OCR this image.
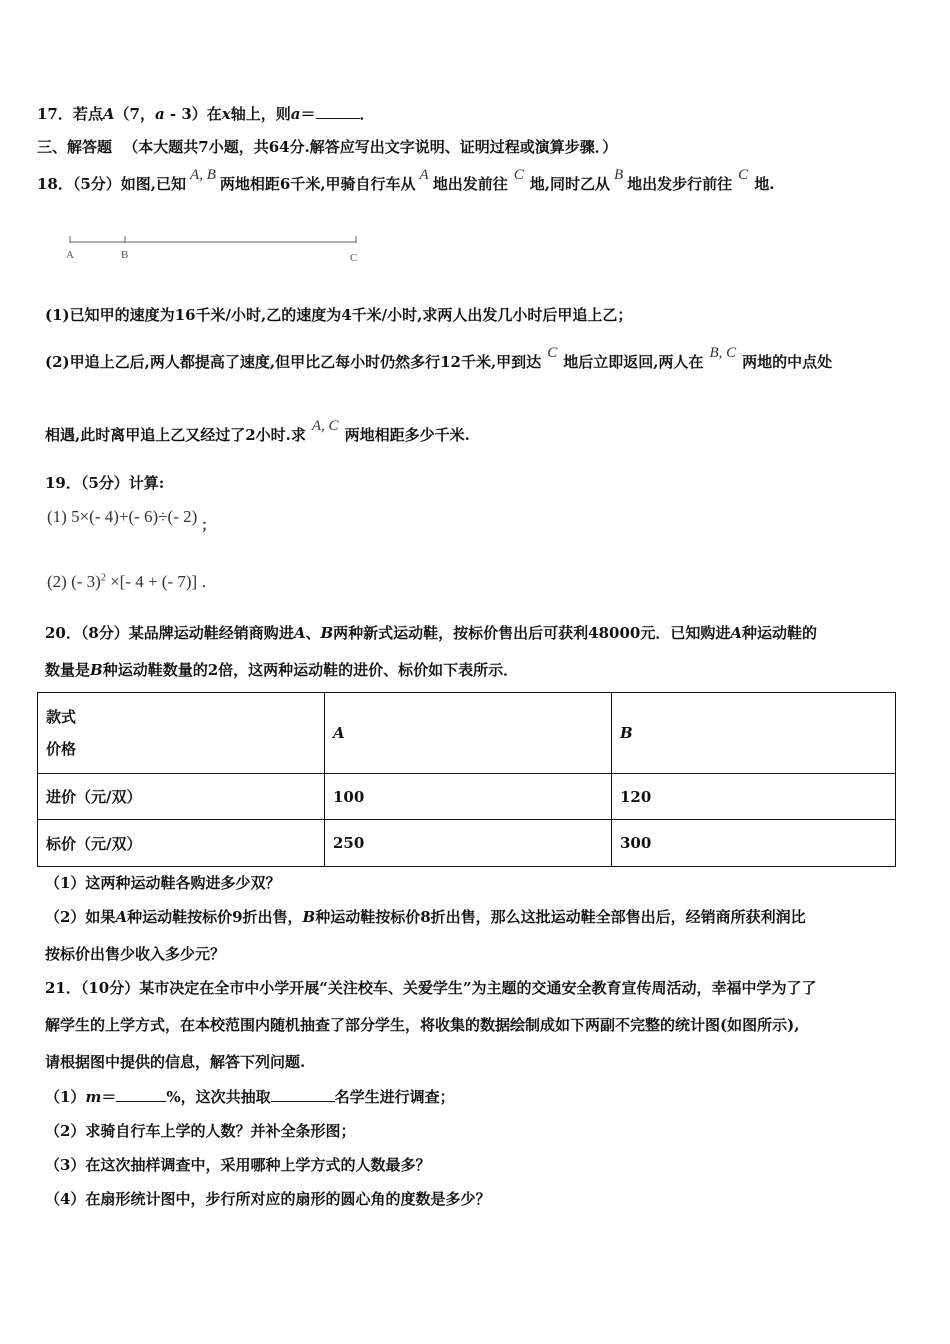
17．若点A（7，a - 3）在x轴上，则a＝	．
三、解答题 （本大题共7小题，共64分.解答应写出文字说明、证明过程或演算步骤．）
18．（5分）如图,已知 A, B 两地相距6千米,甲骑自行车从 A 地出发前往 C 地,同时乙从 B 地出发步行前往 C 地.
A	B	C
(1)已知甲的速度为16千米/小时,乙的速度为4千米/小时,求两人出发几小时后甲追上乙；
(2)甲追上乙后,两人都提高了速度,但甲比乙每小时仍然多行12千米,甲到达 C 地后立即返回,两人在 B, C 两地的中点处
相遇,此时离甲追上乙又经过了2小时.求 A, C 两地相距多少千米.
19．（5分）计算:
(1) 5×(- 4)+(- 6)÷(- $2)_;$
(2) (- 3)$^2$ ×[- 4 + (- 7)] ．
20．（8分）某品牌运动鞋经销商购进A、B两种新式运动鞋，按标价售出后可获利48000元．已知购进A种运动鞋的
数量是B种运动鞋数量的2倍，这两种运动鞋的进价、标价如下表所示．
款式
价格	A	B
进价（元/双）	100	120
标价（元/双）	250	300
（1）这两种运动鞋各购进多少双？
（2）如果A种运动鞋按标价9折出售，B种运动鞋按标价8折出售，那么这批运动鞋全部售出后，经销商所获利润比
按标价出售少收入多少元？
21．（10分）某市决定在全市中小学开展“关注校车、关爱学生”为主题的交通安全教育宣传周活动，幸福中学为了了
解学生的上学方式，在本校范围内随机抽查了部分学生，将收集的数据绘制成如下两副不完整的统计图(如图所示),
请根据图中提供的信息，解答下列问题.
（1）m＝	%，这次共抽取	名学生进行调查；
（2）求骑自行车上学的人数？并补全条形图；
（3）在这次抽样调查中，采用哪种上学方式的人数最多？
（4）在扇形统计图中，步行所对应的扇形的圆心角的度数是多少？
